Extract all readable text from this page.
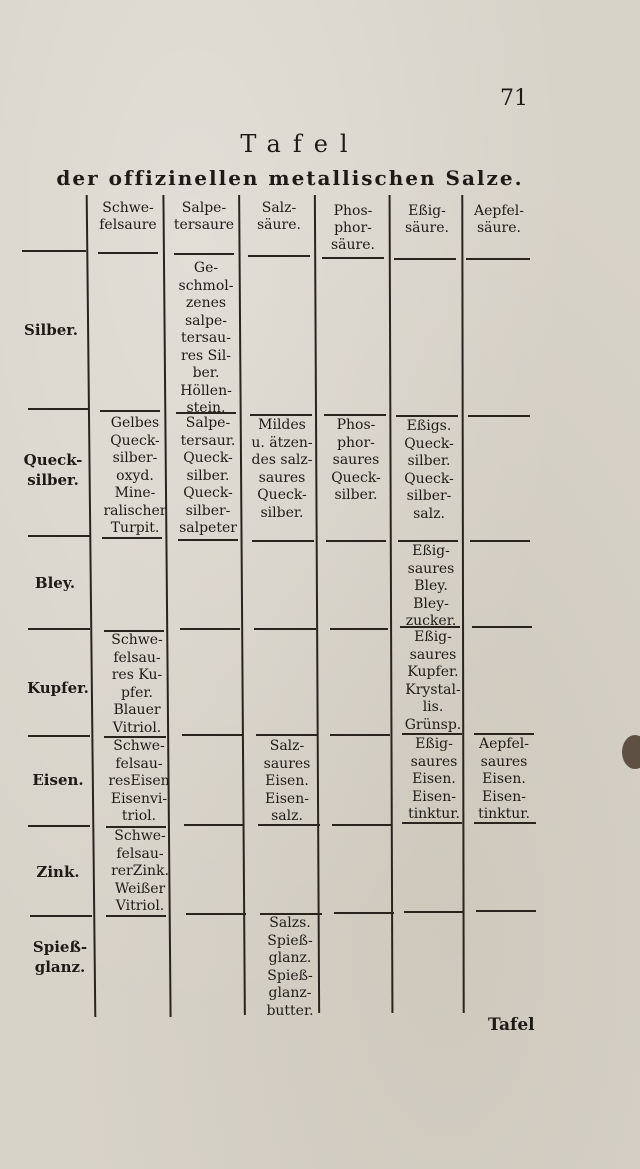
71
Tafel
der offizinellen metallischen Salze.
Schwe-
felsaure
Salpe-
tersaure
Salz-
säure.
Phos-
phor-
säure.
Eßig-
säure.
Aepfel-
säure.
Silber.
Queck-
silber.
Bley.
Kupfer.
Eisen.
Zink.
Spieß-
glanz.
Ge-
schmol-
zenes
salpe-
tersau-
res Sil-
ber.
Höllen-
stein.
Gelbes
Queck-
silber-
oxyd.
Mine-
ralischer
Turpit.
Salpe-
tersaur.
Queck-
silber.
Queck-
silber-
salpeter
Mildes
u. ätzen-
des salz-
saures
Queck-
silber.
Phos-
phor-
saures
Queck-
silber.
Eßigs.
Queck-
silber.
Queck-
silber-
salz.
Eßig-
saures
Bley.
Bley-
zucker.
Schwe-
felsau-
res Ku-
pfer.
Blauer
Vitriol.
Eßig-
saures
Kupfer.
Krystal-
lis.
Grünsp.
Schwe-
felsau-
resEisen
Eisenvi-
triol.
Salz-
saures
Eisen.
Eisen-
salz.
Eßig-
saures
Eisen.
Eisen-
tinktur.
Aepfel-
saures
Eisen.
Eisen-
tinktur.
Schwe-
felsau-
rerZink.
Weißer
Vitriol.
Salzs.
Spieß-
glanz.
Spieß-
glanz-
butter.
Tafel
